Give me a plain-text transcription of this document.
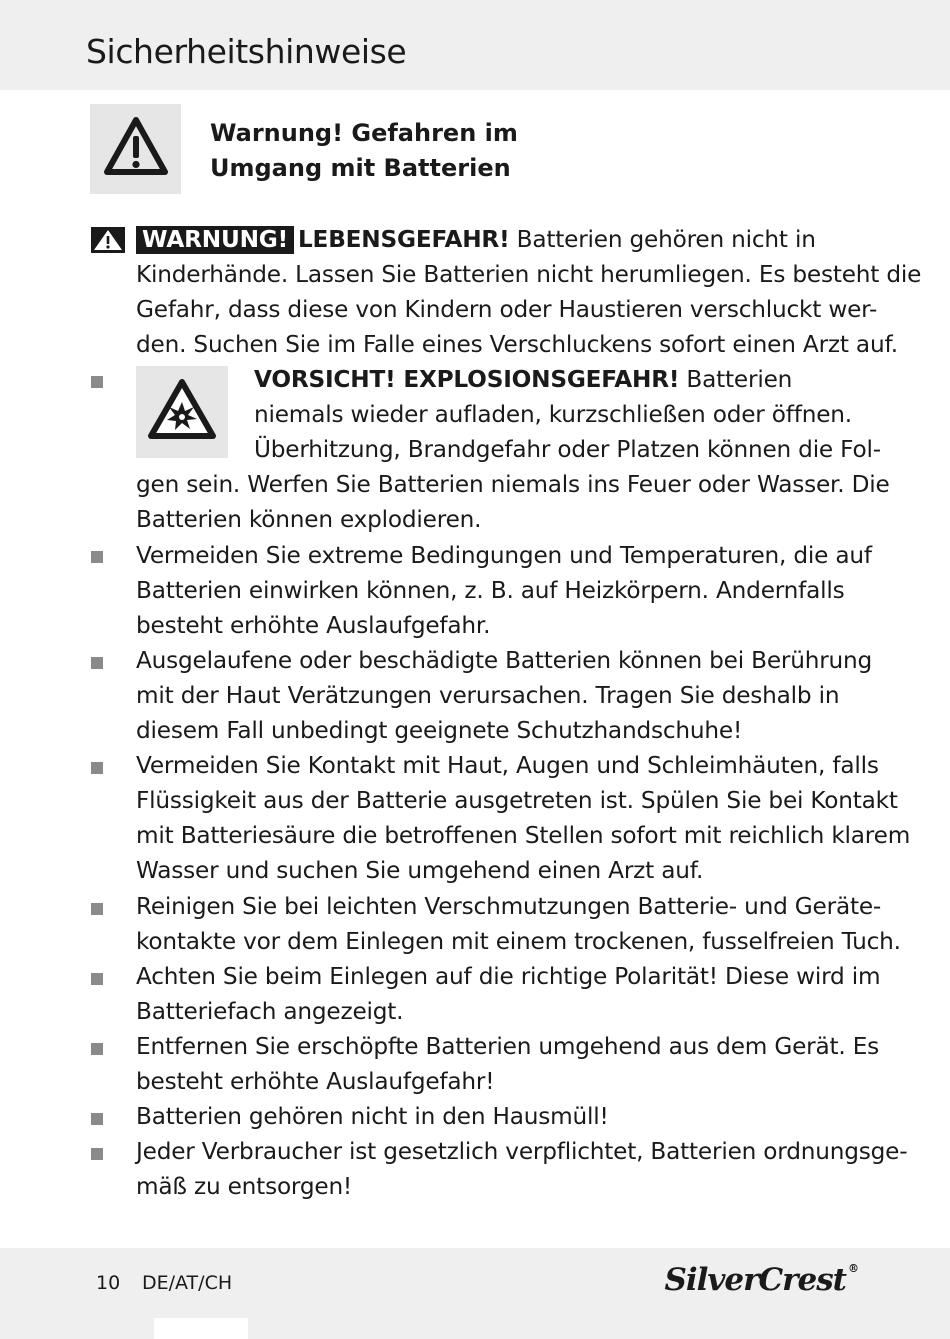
Sicherheitshinweise
Warnung! Gefahren im
Umgang mit Batterien
WARNUNG! LEBENSGEFAHR! Batterien gehören nicht in
Kinderhände. Lassen Sie Batterien nicht herumliegen. Es besteht die
Gefahr, dass diese von Kindern oder Haustieren verschluckt wer-
den. Suchen Sie im Falle eines Verschluckens sofort einen Arzt auf.
VORSICHT! EXPLOSIONSGEFAHR! Batterien
niemals wieder aufladen, kurzschließen oder öffnen.
Überhitzung, Brandgefahr oder Platzen können die Fol-
gen sein. Werfen Sie Batterien niemals ins Feuer oder Wasser. Die
Batterien können explodieren.
Vermeiden Sie extreme Bedingungen und Temperaturen, die auf
Batterien einwirken können, z. B. auf Heizkörpern. Andernfalls
besteht erhöhte Auslaufgefahr.
Ausgelaufene oder beschädigte Batterien können bei Berührung
mit der Haut Verätzungen verursachen. Tragen Sie deshalb in
diesem Fall unbedingt geeignete Schutzhandschuhe!
Vermeiden Sie Kontakt mit Haut, Augen und Schleimhäuten, falls
Flüssigkeit aus der Batterie ausgetreten ist. Spülen Sie bei Kontakt
mit Batteriesäure die betroffenen Stellen sofort mit reichlich klarem
Wasser und suchen Sie umgehend einen Arzt auf.
Reinigen Sie bei leichten Verschmutzungen Batterie- und Geräte-
kontakte vor dem Einlegen mit einem trockenen, fusselfreien Tuch.
Achten Sie beim Einlegen auf die richtige Polarität! Diese wird im
Batteriefach angezeigt.
Entfernen Sie erschöpfte Batterien umgehend aus dem Gerät. Es
besteht erhöhte Auslaufgefahr!
Batterien gehören nicht in den Hausmüll!
Jeder Verbraucher ist gesetzlich verpflichtet, Batterien ordnungsge-
mäß zu entsorgen!
10 DE/AT/CH	SilverCrest ®
